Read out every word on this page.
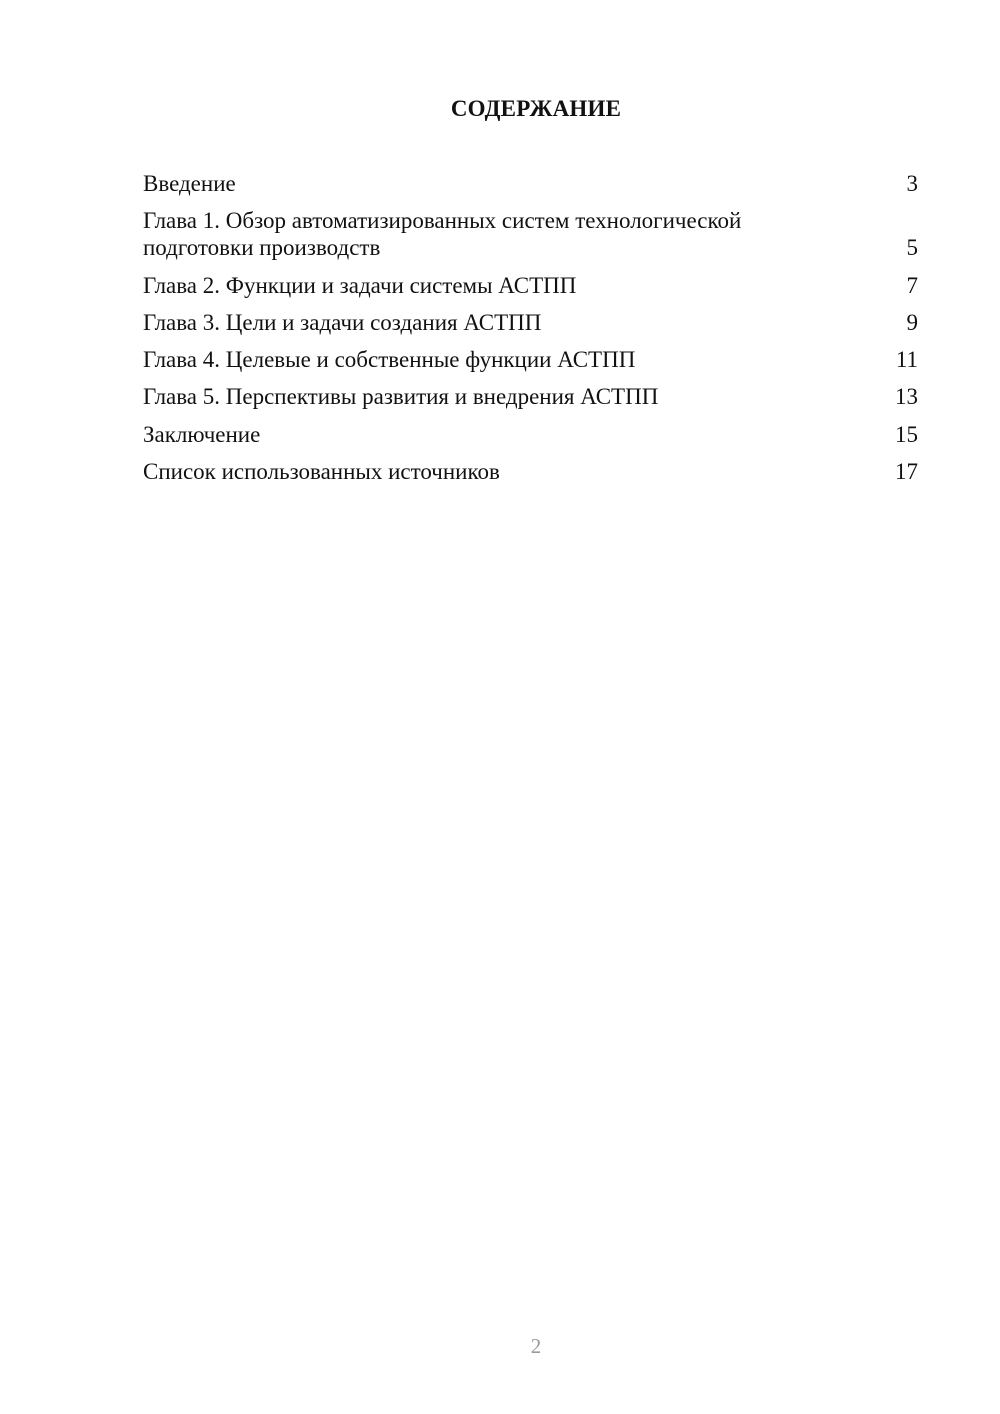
СОДЕРЖАНИЕ
Введение	3
Глава 1. Обзор автоматизированных систем технологической подготовки производств	5
Глава 2. Функции и задачи системы АСТПП	7
Глава 3. Цели и задачи создания АСТПП	9
Глава 4. Целевые и собственные функции АСТПП	11
Глава 5. Перспективы развития и внедрения АСТПП	13
Заключение	15
Список использованных источников	17
2
